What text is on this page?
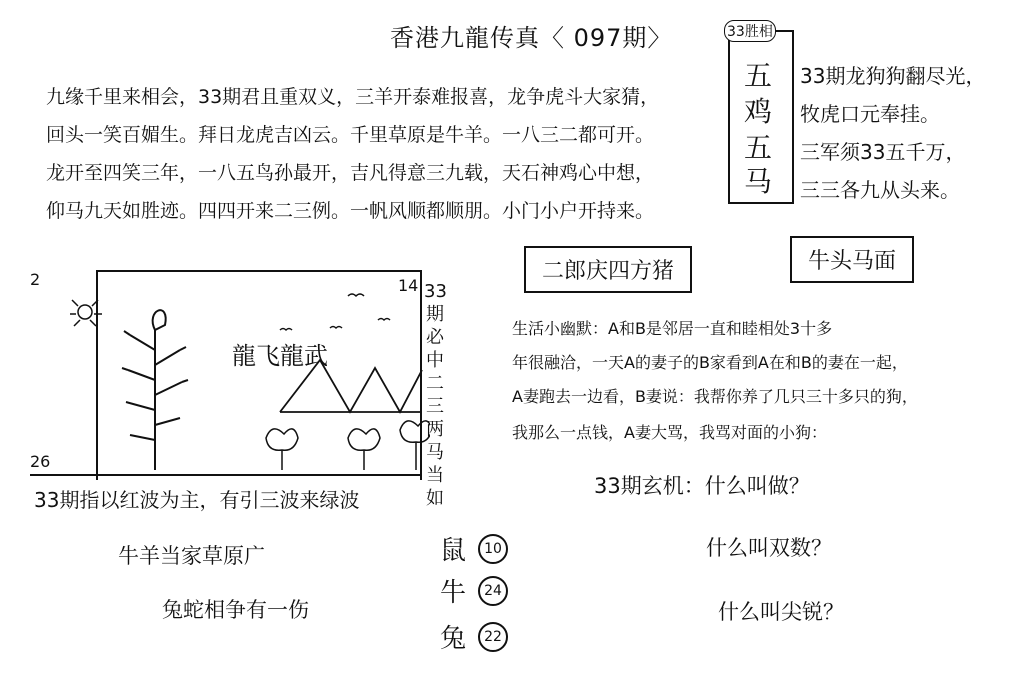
香港九龍传真〈 097期〉
九缘千里来相会，33期君且重双义，三羊开泰难报喜，龙争虎斗大家猜，
回头一笑百媚生。拜日龙虎吉凶云。千里草原是牛羊。一八三二都可开。
龙开至四笑三年，一八五鸟孙最开，吉凡得意三九载，天石神鸡心中想，
仰马九天如胜迹。四四开来二三例。一帆风顺都顺朋。小门小户开持来。
33胜相
五
鸡
五
马
33期龙狗狗翻尽光，
牧虎口元奉挂。
三军须33五千万，
三三各九从头来。
二郎庆四方猪	牛头马面
生活小幽默：A和B是邻居一直和睦相处3十多
年很融洽，一天A的妻子的B家看到A在和B的妻在一起，
A妻跑去一边看，B妻说：我帮你养了几只三十多只的狗，
我那么一点钱，A妻大骂，我骂对面的小狗：
33期玄机：什么叫做？
什么叫双数？
什么叫尖锐？
2	14
26
龍飞龍武
33期必中二三两马当如
33期指以红波为主，有引三波来绿波
牛羊当家草原广
兔蛇相争有一伤
鼠	10
牛	24
兔	22
